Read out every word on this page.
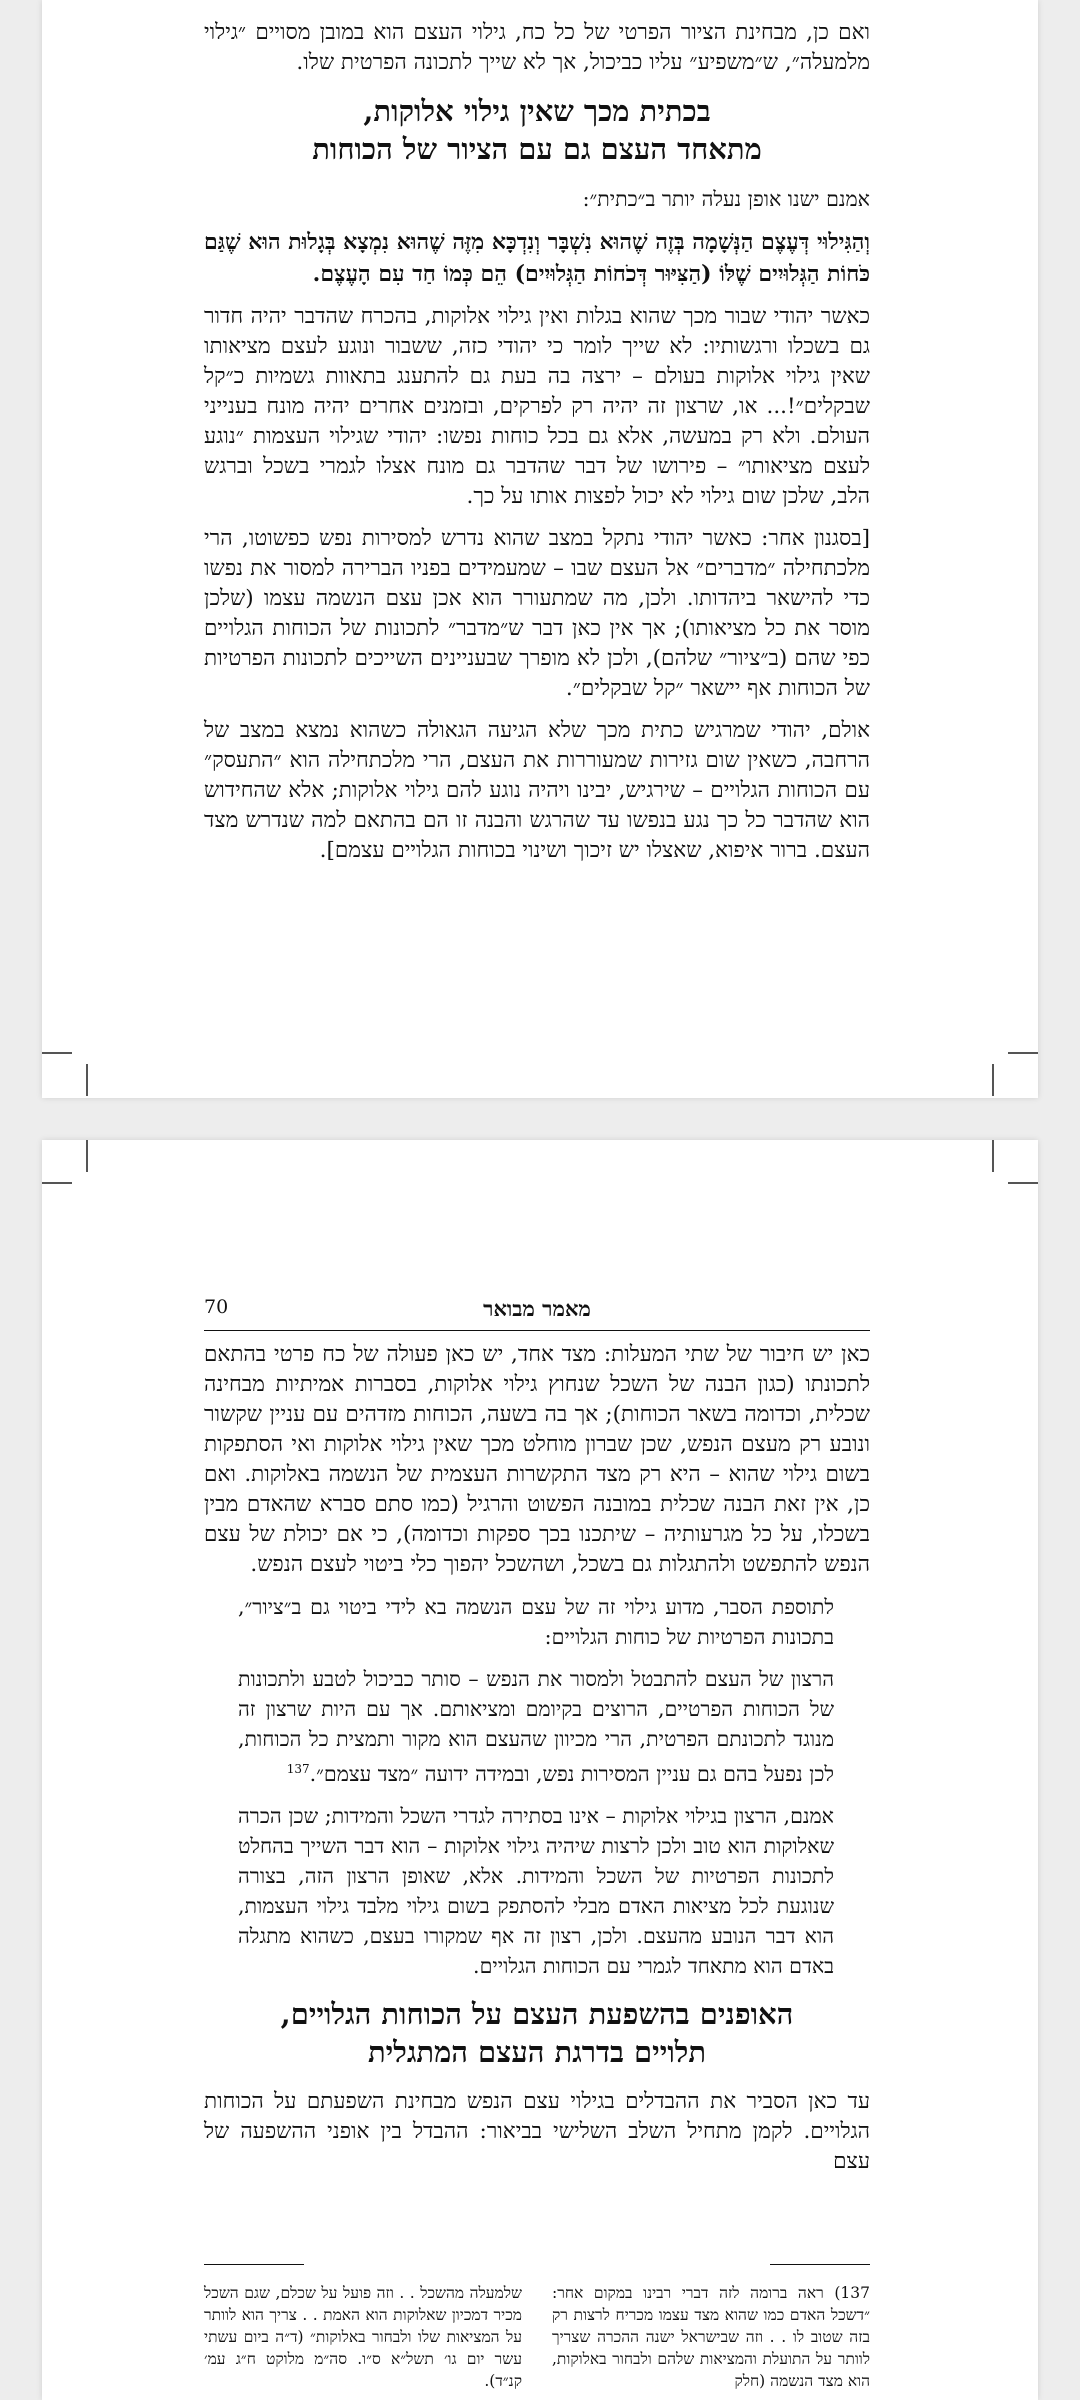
ואם כן, מבחינת הציור הפרטי של כל כח, גילוי העצם הוא במובן מסויים ״גילוי מלמעלה״, ש״משפיע״ עליו כביכול, אך לא שייך לתכונה הפרטית שלו.

בכתית מכך שאין גילוי אלוקות,
מתאחד העצם גם עם הציור של הכוחות

אמנם ישנו אופן נעלה יותר ב״כתית״:

וְהַגִּילוּי דְּעֶצֶם הַנְּשָׁמָה בְּזֶה שֶׁהוּא נִשְׁבָּר וְנִדְכָּא מִזֶּה שֶׁהוּא נִמְצָא בְּגָלוּת הוּא שֶׁגַּם כֹּחוֹת הַגְּלוּיִים שֶׁלּוֹ (הַצִּיּוּר דְּכֹחוֹת הַגְּלוּיִים) הֵם כְּמוֹ חַד עִם הָעֶצֶם.

כאשר יהודי שבור מכך שהוא בגלות ואין גילוי אלוקות, בהכרח שהדבר יהיה חדור גם בשכלו ורגשותיו: לא שייך לומר כי יהודי כזה, ששבור ונוגע לעצם מציאותו שאין גילוי אלוקות בעולם – ירצה בה בעת גם להתענג בתאוות גשמיות כ״קל שבקלים״!... או, שרצון זה יהיה רק לפרקים, ובזמנים אחרים יהיה מונח בענייני העולם. ולא רק במעשה, אלא גם בכל כוחות נפשו: יהודי שגילוי העצמות ״נוגע לעצם מציאותו״ – פירושו של דבר שהדבר גם מונח אצלו לגמרי בשכל וברגש הלב, שלכן שום גילוי לא יכול לפצות אותו על כך.

[בסגנון אחר: כאשר יהודי נתקל במצב שהוא נדרש למסירות נפש כפשוטו, הרי מלכתחילה ״מדברים״ אל העצם שבו – שמעמידים בפניו הברירה למסור את נפשו כדי להישאר ביהדותו. ולכן, מה שמתעורר הוא אכן עצם הנשמה עצמו (שלכן מוסר את כל מציאותו); אך אין כאן דבר ש״מדבר״ לתכונות של הכוחות הגלויים כפי שהם (ב״ציור״ שלהם), ולכן לא מופרך שבעניינים השייכים לתכונות הפרטיות של הכוחות אף יישאר ״קל שבקלים״.

אולם, יהודי שמרגיש כתית מכך שלא הגיעה הגאולה כשהוא נמצא במצב של הרחבה, כשאין שום גזירות שמעוררות את העצם, הרי מלכתחילה הוא ״התעסק״ עם הכוחות הגלויים – שירגיש, יבינו ויהיה נוגע להם גילוי אלוקות; אלא שהחידוש הוא שהדבר כל כך נגע בנפשו עד שהרגש והבנה זו הם בהתאם למה שנדרש מצד העצם. ברור איפוא, שאצלו יש זיכוך ושינוי בכוחות הגלויים עצמם].

מאמר מבואר
70

כאן יש חיבור של שתי המעלות: מצד אחד, יש כאן פעולה של כח פרטי בהתאם לתכונתו (כגון הבנה של השכל שנחוץ גילוי אלוקות, בסברות אמיתיות מבחינה שכלית, וכדומה בשאר הכוחות); אך בה בשעה, הכוחות מזדהים עם עניין שקשור ונובע רק מעצם הנפש, שכן שברון מוחלט מכך שאין גילוי אלוקות ואי הסתפקות בשום גילוי שהוא – היא רק מצד התקשרות העצמית של הנשמה באלוקות. ואם כן, אין זאת הבנה שכלית במובנה הפשוט והרגיל (כמו סתם סברא שהאדם מבין בשכלו, על כל מגרעותיה – שיתכנו בכך ספקות וכדומה), כי אם יכולת של עצם הנפש להתפשט ולהתגלות גם בשכל, ושהשכל יהפוך כלי ביטוי לעצם הנפש.

לתוספת הסבר, מדוע גילוי זה של עצם הנשמה בא לידי ביטוי גם ב״ציור״, בתכונות הפרטיות של כוחות הגלויים:

הרצון של העצם להתבטל ולמסור את הנפש – סותר כביכול לטבע ולתכונות של הכוחות הפרטיים, הרוצים בקיומם ומציאותם. אך עם היות שרצון זה מנוגד לתכונתם הפרטית, הרי מכיוון שהעצם הוא מקור ותמצית כל הכוחות, לכן נפעל בהם גם עניין המסירות נפש, ובמידה ידועה ״מצד עצמם״.$^{137}$

אמנם, הרצון בגילוי אלוקות – אינו בסתירה לגדרי השכל והמידות; שכן הכרה שאלוקות הוא טוב ולכן לרצות שיהיה גילוי אלוקות – הוא דבר השייך בהחלט לתכונות הפרטיות של השכל והמידות. אלא, שאופן הרצון הזה, בצורה שנוגעת לכל מציאות האדם מבלי להסתפק בשום גילוי מלבד גילוי העצמות, הוא דבר הנובע מהעצם. ולכן, רצון זה אף שמקורו בעצם, כשהוא מתגלה באדם הוא מתאחד לגמרי עם הכוחות הגלויים.

האופנים בהשפעת העצם על הכוחות הגלויים,
תלויים בדרגת העצם המתגלית

עד כאן הסביר את ההבדלים בגילוי עצם הנפש מבחינת השפעתם על הכוחות הגלויים. לקמן מתחיל השלב השלישי בביאור: ההבדל בין אופני ההשפעה של עצם

137) ראה ברומה לזה דברי רבינו במקום אחר: ״דשכל האדם כמו שהוא מצד עצמו מכריח לרצות רק בזה שטוב לו . . וזה שבישראל ישנה ההכרה שצריך לוותר על התועלת והמציאות שלהם ולבחור באלוקות, הוא מצד הנשמה (חלק
שלמעלה מהשכל . . וזה פועל על שכלם, שגם השכל מכיר דמכיון שאלוקות הוא האמת . . צריך הוא לוותר על המציאות שלו ולבחור באלוקות״ (ד״ה ביום עשתי עשר יום גו׳ תשל״א ס״ו. סה״מ מלוקט ח״ג עמ׳ קנ״ד).
